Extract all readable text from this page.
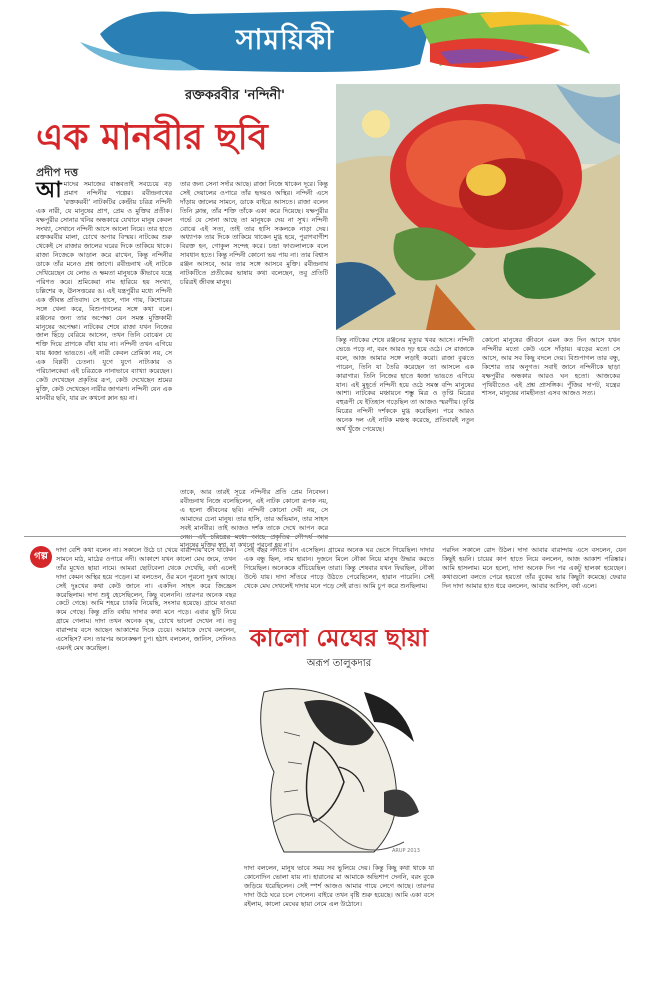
সাময়িকী
রক্তকরবীর 'নন্দিনী'
এক মানবীর ছবি
প্রদীপ দত্ত
আমাদের সমাজের বাস্তবতাই সবচেয়ে বড় প্রমাণ নন্দিনীর গল্পের। রবীন্দ্রনাথের 'রক্তকরবী' নাটকটির কেন্দ্রীয় চরিত্র নন্দিনী এক নারী, যে মানুষের প্রাণ, প্রেম ও মুক্তির প্রতীক। যক্ষপুরীর সোনার খনির অন্ধকারে যেখানে মানুষ কেবল সংখ্যা, সেখানে নন্দিনী আসে আলো নিয়ে। তার হাতে রক্তকরবীর মালা, চোখে অপার বিস্ময়। নাটকের শুরু থেকেই সে রাজার জালের ঘরের দিকে তাকিয়ে থাকে। রাজা নিজেকে আড়াল করে রাখেন, কিন্তু নন্দিনীর ডাকে তাঁর মনেও প্রশ্ন জাগে। রবীন্দ্রনাথ এই নাটকে দেখিয়েছেন যে লোভ ও ক্ষমতা মানুষকে কীভাবে যন্ত্রে পরিণত করে। শ্রমিকেরা নাম হারিয়ে হয় সংখ্যা, চল্লিশের ক, ঊনসত্তরের ঙ। এই যন্ত্রপুরীর মধ্যে নন্দিনী এক জীবন্ত প্রতিবাদ। সে হাসে, গান গায়, কিশোরের সঙ্গে খেলা করে, বিশুপাগলের সঙ্গে কথা বলে। রঞ্জনের জন্য তার অপেক্ষা যেন সমস্ত মুক্তিকামী মানুষের অপেক্ষা। নাটকের শেষে রাজা যখন নিজের জাল ছিঁড়ে বেরিয়ে আসেন, তখন তিনি বোঝেন যে শক্তি দিয়ে প্রাণকে বাঁধা যায় না। নন্দিনী তখন এগিয়ে যায় ধ্বজা ভাঙতে। এই নারী কেবল প্রেমিকা নয়, সে এক বিপ্লবী চেতনা। যুগে যুগে নাট্যকার ও পরিচালকেরা এই চরিত্রকে নানাভাবে ব্যাখ্যা করেছেন। কেউ দেখেছেন প্রকৃতির রূপ, কেউ দেখেছেন শ্রমের মুক্তি, কেউ দেখেছেন নারীর জাগরণ। নন্দিনী যেন এক মানবীর ছবি, যার রং কখনো ম্লান হয় না।
তার জন্য সেনা সর্দার আছে। রাজা নিজে থাকেন দূরে। কিন্তু সেই দেয়ালের ওপারে তাঁর হৃদয়ও অস্থির। নন্দিনী এসে দাঁড়ায় জালের সামনে, ডাকে বাইরে আসতে। রাজা বলেন তিনি ক্লান্ত, তাঁর শক্তি তাঁকে একা করে দিয়েছে। যক্ষপুরীর গর্ভে যে সোনা আছে তা মানুষকে দেয় না সুখ। নন্দিনী বোঝে এই সত্য, তাই তার হাসি সকলকে নাড়া দেয়। অধ্যাপক তার দিকে তাকিয়ে থাকেন মুগ্ধ হয়ে, পুরাণবাগীশ বিরক্ত হন, গোকুল সন্দেহ করে। চন্দ্রা ফাগুলালকে বলে সাবধান হতে। কিন্তু নন্দিনী কোনো ভয় পায় না। তার বিশ্বাস রঞ্জন আসবে, আর তার সঙ্গে আসবে মুক্তি। রবীন্দ্রনাথ নাটকটিতে প্রতীকের ভাষায় কথা বলেছেন, তবু প্রতিটি চরিত্রই জীবন্ত মানুষ।
কিন্তু নাটকের শেষে রঞ্জনের মৃত্যুর খবর আসে। নন্দিনী ভেঙে পড়ে না, বরং আরও দৃঢ় হয়ে ওঠে। সে রাজাকে বলে, আজ আমার সঙ্গে লড়াই করো। রাজা বুঝতে পারেন, তিনি যা তৈরি করেছেন তা আসলে এক কারাগার। তিনি নিজের হাতে ধ্বজা ভাঙতে এগিয়ে যান। এই মুহূর্তে নন্দিনী হয়ে ওঠে সমস্ত বন্দি মানুষের আশা। নাটকের মঞ্চায়নে শম্ভু মিত্র ও তৃপ্তি মিত্রের বহুরূপী যে ইতিহাস গড়েছিল তা আজও স্মরণীয়। তৃপ্তি মিত্রের নন্দিনী দর্শককে মুগ্ধ করেছিল। পরে আরও অনেক দল এই নাটক মঞ্চস্থ করেছে, প্রতিবারই নতুন অর্থ খুঁজে পেয়েছে।
কোনো মানুষের জীবনে এমন কত দিন আসে যখন নন্দিনীর মতো কেউ এসে দাঁড়ায়। ঝড়ের মতো সে আসে, আর সব কিছু বদলে দেয়। বিশুপাগল তার বন্ধু, কিশোর তার অনুগত। সবাই জানে নন্দিনীকে ছাড়া যক্ষপুরীর অন্ধকার আরও ঘন হতো। আজকের পৃথিবীতেও এই প্রশ্ন প্রাসঙ্গিক। পুঁজির দাপট, যন্ত্রের শাসন, মানুষের নামহীনতা এসব আজও সত্য।
তাকে, আর তারই সূত্রে নন্দিনীর প্রতি প্রেম নিবেদন। রবীন্দ্রনাথ নিজে বলেছিলেন, এই নাটক কোনো রূপক নয়, এ হলো জীবনের ছবি। নন্দিনী কোনো দেবী নয়, সে আমাদের চেনা মানুষ। তার হাসি, তার অভিমান, তার সাহস সবই মানবীর। তাই আজও দর্শক তাকে দেখে আপন করে মানুষের মুক্তির স্বপ্ন, যা কখনো পুরনো হয় না।
গল্প
দাদা বেশি কথা বলেন না। সকালে উঠে চা খেয়ে বারান্দায় বসে থাকেন। সামনে মাঠ, মাঠের ওপারে নদী। আকাশে যখন কালো মেঘ জমে, তখন তাঁর মুখেও ছায়া নামে। আমরা ছোটবেলা থেকে দেখেছি, বর্ষা এলেই দাদা কেমন অস্থির হয়ে পড়েন। মা বলতেন, ওঁর মনে পুরনো দুঃখ আছে। সেই দুঃখের কথা কেউ জানে না। একদিন সাহস করে জিজ্ঞেস করেছিলাম। দাদা শুধু হেসেছিলেন, কিছু বলেননি। তারপর অনেক বছর কেটে গেছে। আমি শহরে চাকরি নিয়েছি, সংসার হয়েছে। গ্রামে যাওয়া কমে গেছে। কিন্তু প্রতি বর্ষায় দাদার কথা মনে পড়ে। এবার ছুটি নিয়ে গ্রামে গেলাম। দাদা তখন অনেক বৃদ্ধ, চোখে ভালো দেখেন না। তবু বারান্দায় বসে আছেন আকাশের দিকে চেয়ে। আমাকে দেখে বললেন, এসেছিস? বস। তারপর অনেকক্ষণ চুপ। হঠাৎ বললেন, জানিস, সেদিনও এমনই মেঘ করেছিল।
সেই বছর নদীতে বান এসেছিল। গ্রামের অনেক ঘর ভেসে গিয়েছিল। দাদার এক বন্ধু ছিল, নাম হারান। দুজনে মিলে নৌকা নিয়ে মানুষ উদ্ধার করতে গিয়েছিল। অনেককে বাঁচিয়েছিল তারা। কিন্তু শেষবার যখন ফিরছিল, নৌকা উল্টে যায়। দাদা সাঁতরে পাড়ে উঠতে পেরেছিলেন, হারান পারেনি। সেই থেকে মেঘ দেখলেই দাদার মনে পড়ে সেই রাত। আমি চুপ করে শুনছিলাম।
কালো মেঘের ছায়া
অরূপ তালুকদার
ARUP 2013
দাদা বললেন, মানুষ ভাবে সময় সব ভুলিয়ে দেয়। কিন্তু কিছু কথা থাকে যা কোনোদিন ভোলা যায় না। হারানের মা আমাকে অভিশাপ দেননি, বরং বুকে জড়িয়ে ধরেছিলেন। সেই স্পর্শ আজও আমার গায়ে লেগে আছে। তারপর দাদা উঠে ঘরে চলে গেলেন। বাইরে তখন বৃষ্টি শুরু হয়েছে। আমি একা বসে রইলাম, কালো মেঘের ছায়া নেমে এল উঠোনে।
পরদিন সকালে রোদ উঠল। দাদা আবার বারান্দায় এসে বসলেন, যেন কিছুই হয়নি। চায়ের কাপ হাতে নিয়ে বললেন, আজ আকাশ পরিষ্কার। আমি হাসলাম। মনে হলো, দাদা অনেক দিন পর একটু হালকা হয়েছেন। কথাগুলো বলতে পেরে হয়তো তাঁর বুকের ভার কিছুটা কমেছে। ফেরার দিন দাদা আমার হাত ধরে বললেন, আবার আসিস, বর্ষা এলে।
